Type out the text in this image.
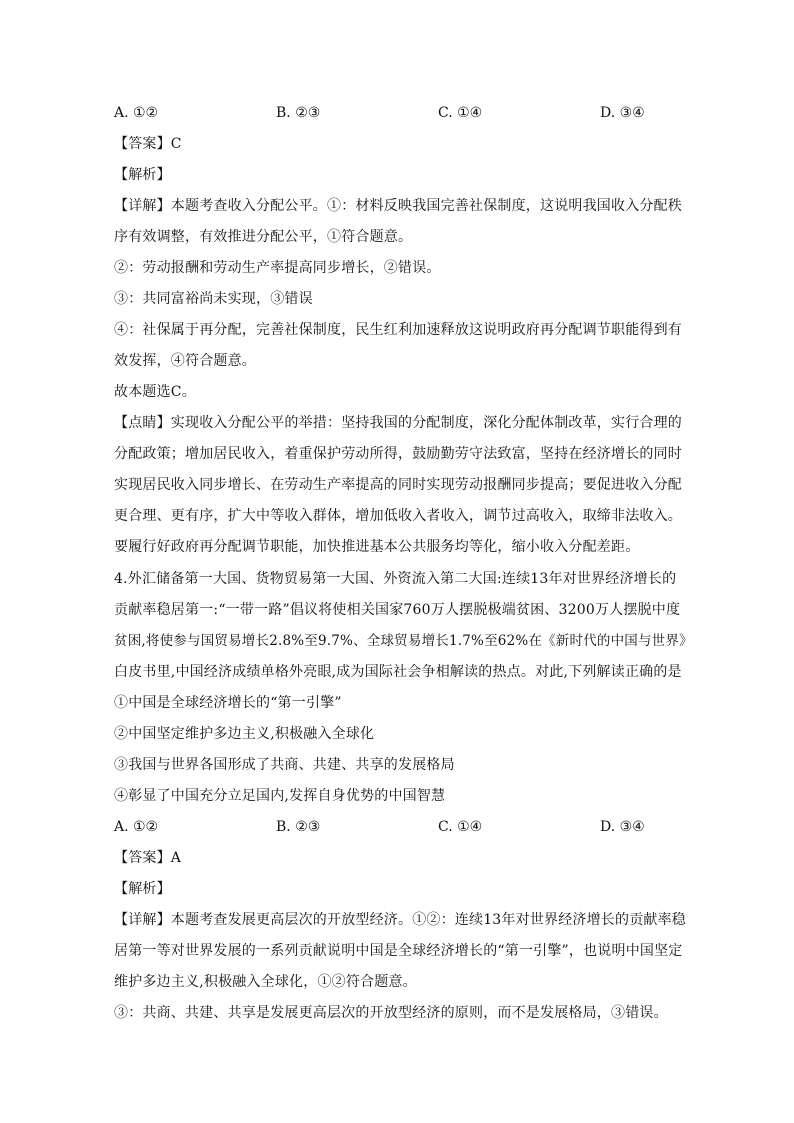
A. ①②	B. ②③	C. ①④	D. ③④
【答案】C
【解析】
【详解】本题考查收入分配公平。①：材料反映我国完善社保制度，这说明我国收入分配秩
序有效调整，有效推进分配公平，①符合题意。
②：劳动报酬和劳动生产率提高同步增长，②错误。
③：共同富裕尚未实现，③错误
④：社保属于再分配，完善社保制度，民生红利加速释放这说明政府再分配调节职能得到有
效发挥，④符合题意。
故本题选C。
【点睛】实现收入分配公平的举措：坚持我国的分配制度，深化分配体制改革，实行合理的
分配政策；增加居民收入，着重保护劳动所得，鼓励勤劳守法致富，坚持在经济增长的同时
实现居民收入同步增长、在劳动生产率提高的同时实现劳动报酬同步提高；要促进收入分配
更合理、更有序，扩大中等收入群体，增加低收入者收入，调节过高收入，取缔非法收入。
要履行好政府再分配调节职能，加快推进基本公共服务均等化，缩小收入分配差距。
4.外汇储备第一大国、货物贸易第一大国、外资流入第二大国:连续13年对世界经济增长的
贡献率稳居第一:“一带一路”倡议将使相关国家760万人摆脱极端贫困、3200万人摆脱中度
贫困,将使参与国贸易增长2.8%至9.7%、全球贸易增长1.7%至62%在《新时代的中国与世界》
白皮书里,中国经济成绩单格外亮眼,成为国际社会争相解读的热点。对此,下列解读正确的是
①中国是全球经济增长的“第一引擎”
②中国坚定维护多边主义,积极融入全球化
③我国与世界各国形成了共商、共建、共享的发展格局
④彰显了中国充分立足国内,发挥自身优势的中国智慧
A. ①②	B. ②③	C. ①④	D. ③④
【答案】A
【解析】
【详解】本题考查发展更高层次的开放型经济。①②：连续13年对世界经济增长的贡献率稳
居第一等对世界发展的一系列贡献说明中国是全球经济增长的“第一引擎”，也说明中国坚定
维护多边主义,积极融入全球化，①②符合题意。
③：共商、共建、共享是发展更高层次的开放型经济的原则，而不是发展格局，③错误。
